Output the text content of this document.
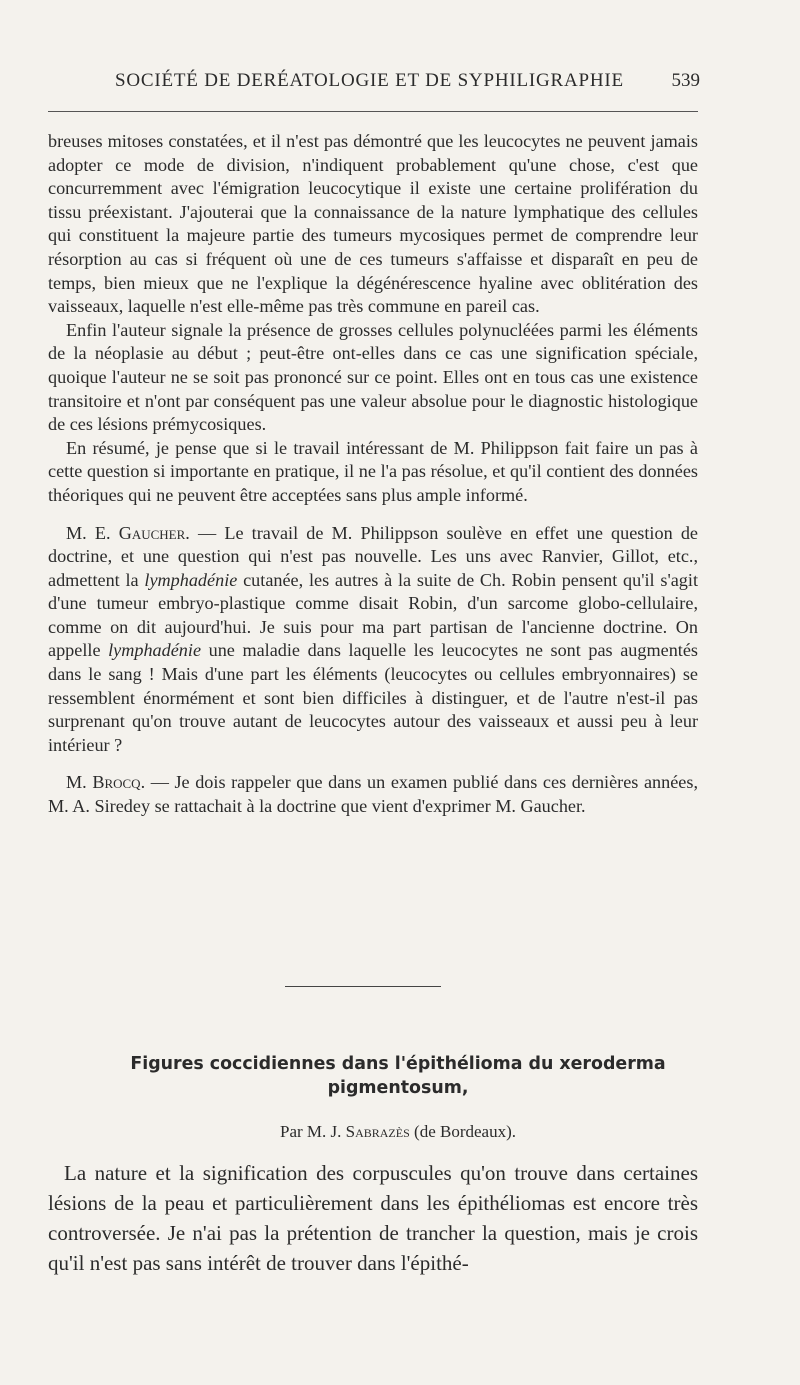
SOCIÉTÉ DE DERÉATOLOGIE ET DE SYPHILIGRAPHIE	539

breuses mitoses constatées, et il n'est pas démontré que les leucocytes ne peuvent jamais adopter ce mode de division, n'indiquent probablement qu'une chose, c'est que concurremment avec l'émigration leucocytique il existe une certaine prolifération du tissu préexistant. J'ajouterai que la connaissance de la nature lymphatique des cellules qui constituent la majeure partie des tumeurs mycosiques permet de comprendre leur résorption au cas si fréquent où une de ces tumeurs s'affaisse et disparaît en peu de temps, bien mieux que ne l'explique la dégénérescence hyaline avec oblitération des vaisseaux, laquelle n'est elle-même pas très commune en pareil cas.

Enfin l'auteur signale la présence de grosses cellules polynucléées parmi les éléments de la néoplasie au début ; peut-être ont-elles dans ce cas une signification spéciale, quoique l'auteur ne se soit pas prononcé sur ce point. Elles ont en tous cas une existence transitoire et n'ont par conséquent pas une valeur absolue pour le diagnostic histologique de ces lésions prémycosiques.

En résumé, je pense que si le travail intéressant de M. Philippson fait faire un pas à cette question si importante en pratique, il ne l'a pas résolue, et qu'il contient des données théoriques qui ne peuvent être acceptées sans plus ample informé.

M. E. Gaucher. — Le travail de M. Philippson soulève en effet une question de doctrine, et une question qui n'est pas nouvelle. Les uns avec Ranvier, Gillot, etc., admettent la lymphadénie cutanée, les autres à la suite de Ch. Robin pensent qu'il s'agit d'une tumeur embryo-plastique comme disait Robin, d'un sarcome globo-cellulaire, comme on dit aujourd'hui. Je suis pour ma part partisan de l'ancienne doctrine. On appelle lymphadénie une maladie dans laquelle les leucocytes ne sont pas augmentés dans le sang ! Mais d'une part les éléments (leucocytes ou cellules embryonnaires) se ressemblent énormément et sont bien difficiles à distinguer, et de l'autre n'est-il pas surprenant qu'on trouve autant de leucocytes autour des vaisseaux et aussi peu à leur intérieur ?

M. Brocq. — Je dois rappeler que dans un examen publié dans ces dernières années, M. A. Siredey se rattachait à la doctrine que vient d'exprimer M. Gaucher.

Figures coccidiennes dans l'épithélioma du xeroderma
pigmentosum,
Par M. J. Sabrazès (de Bordeaux).
La nature et la signification des corpuscules qu'on trouve dans certaines lésions de la peau et particulièrement dans les épithéliomas est encore très controversée. Je n'ai pas la prétention de trancher la question, mais je crois qu'il n'est pas sans intérêt de trouver dans l'épithé-
